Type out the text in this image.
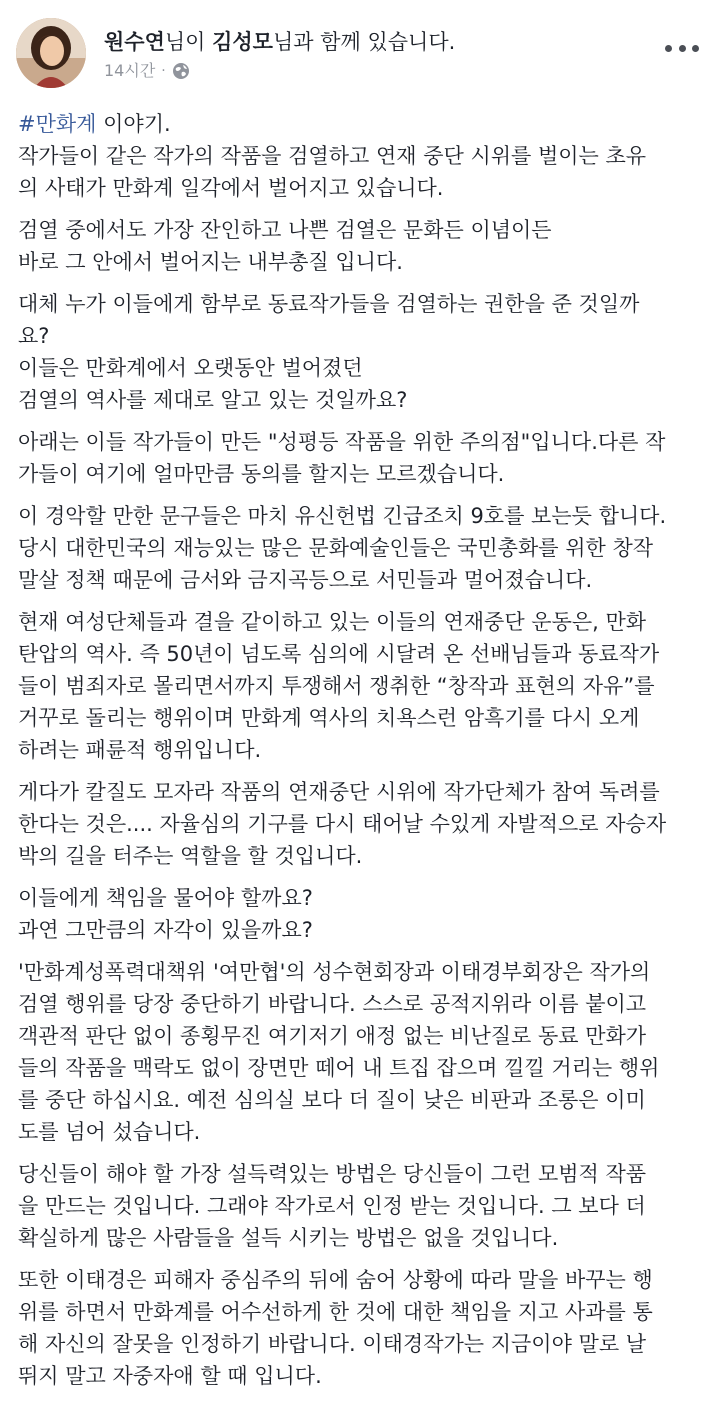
원수연님이 김성모님과 함께 있습니다.
14시간 ·

#만화계 이야기.

작가들이 같은 작가의 작품을 검열하고 연재 중단 시위를 벌이는 초유
의 사태가 만화계 일각에서 벌어지고 있습니다.

검열 중에서도 가장 잔인하고 나쁜 검열은 문화든 이념이든
바로 그 안에서 벌어지는 내부총질 입니다.

대체 누가 이들에게 함부로 동료작가들을 검열하는 권한을 준 것일까
요?
이들은 만화계에서 오랫동안 벌어졌던
검열의 역사를 제대로 알고 있는 것일까요?

아래는 이들 작가들이 만든 "성평등 작품을 위한 주의점"입니다.다른 작
가들이 여기에 얼마만큼 동의를 할지는 모르겠습니다.

이 경악할 만한 문구들은 마치 유신헌법 긴급조치 9호를 보는듯 합니다.
당시 대한민국의 재능있는 많은 문화예술인들은 국민총화를 위한 창작
말살 정책 때문에 금서와 금지곡등으로 서민들과 멀어졌습니다.

현재 여성단체들과 결을 같이하고 있는 이들의 연재중단 운동은, 만화
탄압의 역사. 즉 50년이 넘도록 심의에 시달려 온 선배님들과 동료작가
들이 범죄자로 몰리면서까지 투쟁해서 쟁취한 “창작과 표현의 자유”를
거꾸로 돌리는 행위이며 만화계 역사의 치욕스런 암흑기를 다시 오게
하려는 패륜적 행위입니다.

게다가 칼질도 모자라 작품의 연재중단 시위에 작가단체가 참여 독려를
한다는 것은.... 자율심의 기구를 다시 태어날 수있게 자발적으로 자승자
박의 길을 터주는 역할을 할 것입니다.

이들에게 책임을 물어야 할까요?
과연 그만큼의 자각이 있을까요?

'만화계성폭력대책위 '여만협'의 성수현회장과 이태경부회장은 작가의
검열 행위를 당장 중단하기 바랍니다. 스스로 공적지위라 이름 붙이고
객관적 판단 없이 종횡무진 여기저기 애정 없는 비난질로 동료 만화가
들의 작품을 맥락도 없이 장면만 떼어 내 트집 잡으며 낄낄 거리는 행위
를 중단 하십시요. 예전 심의실 보다 더 질이 낮은 비판과 조롱은 이미
도를 넘어 섰습니다.

당신들이 해야 할 가장 설득력있는 방법은 당신들이 그런 모범적 작품
을 만드는 것입니다. 그래야 작가로서 인정 받는 것입니다. 그 보다 더
확실하게 많은 사람들을 설득 시키는 방법은 없을 것입니다.

또한 이태경은 피해자 중심주의 뒤에 숨어 상황에 따라 말을 바꾸는 행
위를 하면서 만화계를 어수선하게 한 것에 대한 책임을 지고 사과를 통
해 자신의 잘못을 인정하기 바랍니다. 이태경작가는 지금이야 말로 날
뛰지 말고 자중자애 할 때 입니다.
